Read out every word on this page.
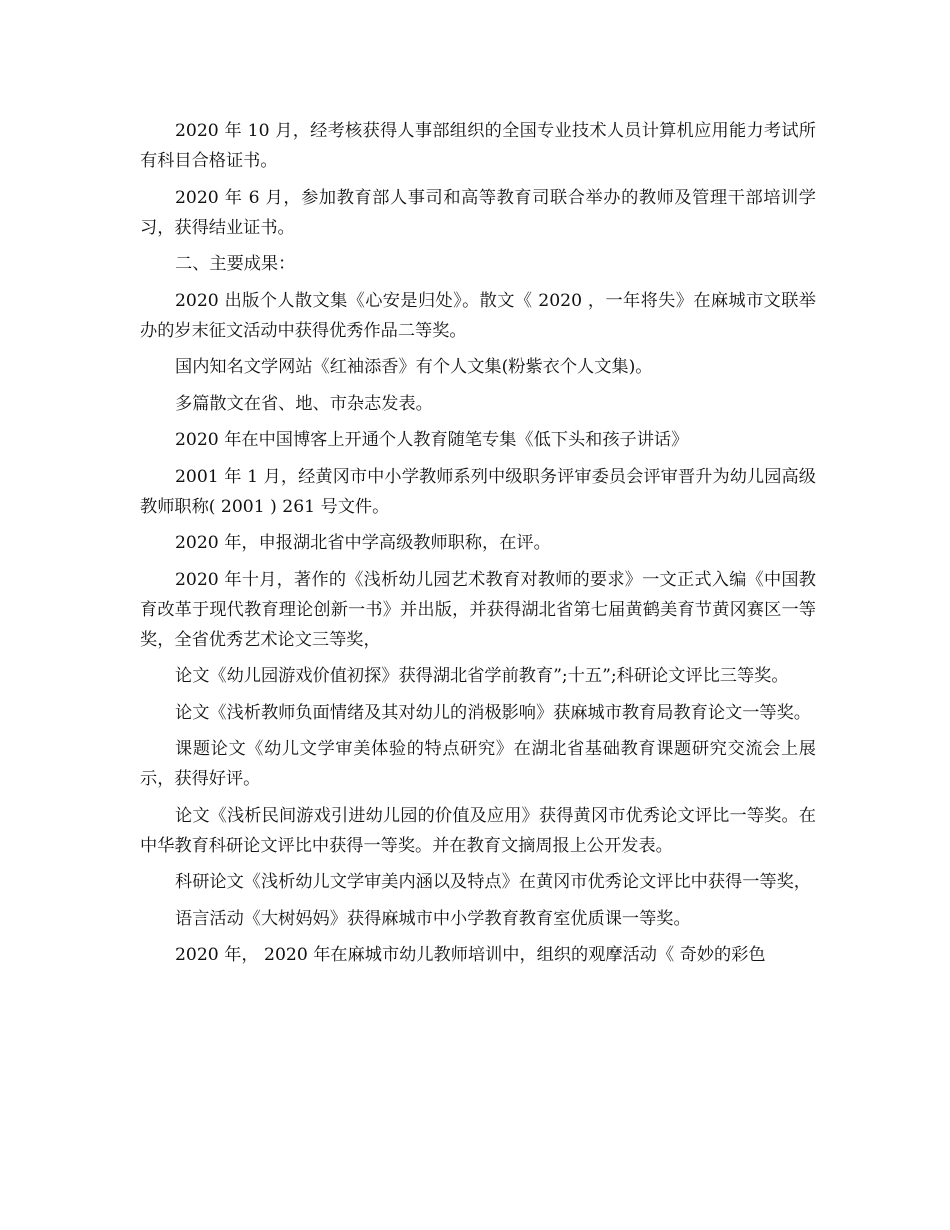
2020 年 10 月，经考核获得人事部组织的全国专业技术人员计算机应用能力考试所有科目合格证书。

2020 年 6 月，参加教育部人事司和高等教育司联合举办的教师及管理干部培训学习，获得结业证书。

二、主要成果：

2020 出版个人散文集《心安是归处》。散文《 2020 ，一年将失》在麻城市文联举办的岁末征文活动中获得优秀作品二等奖。

国内知名文学网站《红袖添香》有个人文集(粉紫衣个人文集)。

多篇散文在省、地、市杂志发表。

2020 年在中国博客上开通个人教育随笔专集《低下头和孩子讲话》

2001 年 1 月，经黄冈市中小学教师系列中级职务评审委员会评审晋升为幼儿园高级教师职称( 2001 ) 261 号文件。

2020 年，申报湖北省中学高级教师职称，在评。

2020 年十月，著作的《浅析幼儿园艺术教育对教师的要求》一文正式入编《中国教育改革于现代教育理论创新一书》并出版，并获得湖北省第七届黄鹤美育节黄冈赛区一等奖，全省优秀艺术论文三等奖，

论文《幼儿园游戏价值初探》获得湖北省学前教育”;十五”;科研论文评比三等奖。

论文《浅析教师负面情绪及其对幼儿的消极影响》获麻城市教育局教育论文一等奖。

课题论文《幼儿文学审美体验的特点研究》在湖北省基础教育课题研究交流会上展示，获得好评。

论文《浅析民间游戏引进幼儿园的价值及应用》获得黄冈市优秀论文评比一等奖。在中华教育科研论文评比中获得一等奖。并在教育文摘周报上公开发表。

科研论文《浅析幼儿文学审美内涵以及特点》在黄冈市优秀论文评比中获得一等奖，

语言活动《大树妈妈》获得麻城市中小学教育教育室优质课一等奖。

2020 年， 2020 年在麻城市幼儿教师培训中，组织的观摩活动《 奇妙的彩色
